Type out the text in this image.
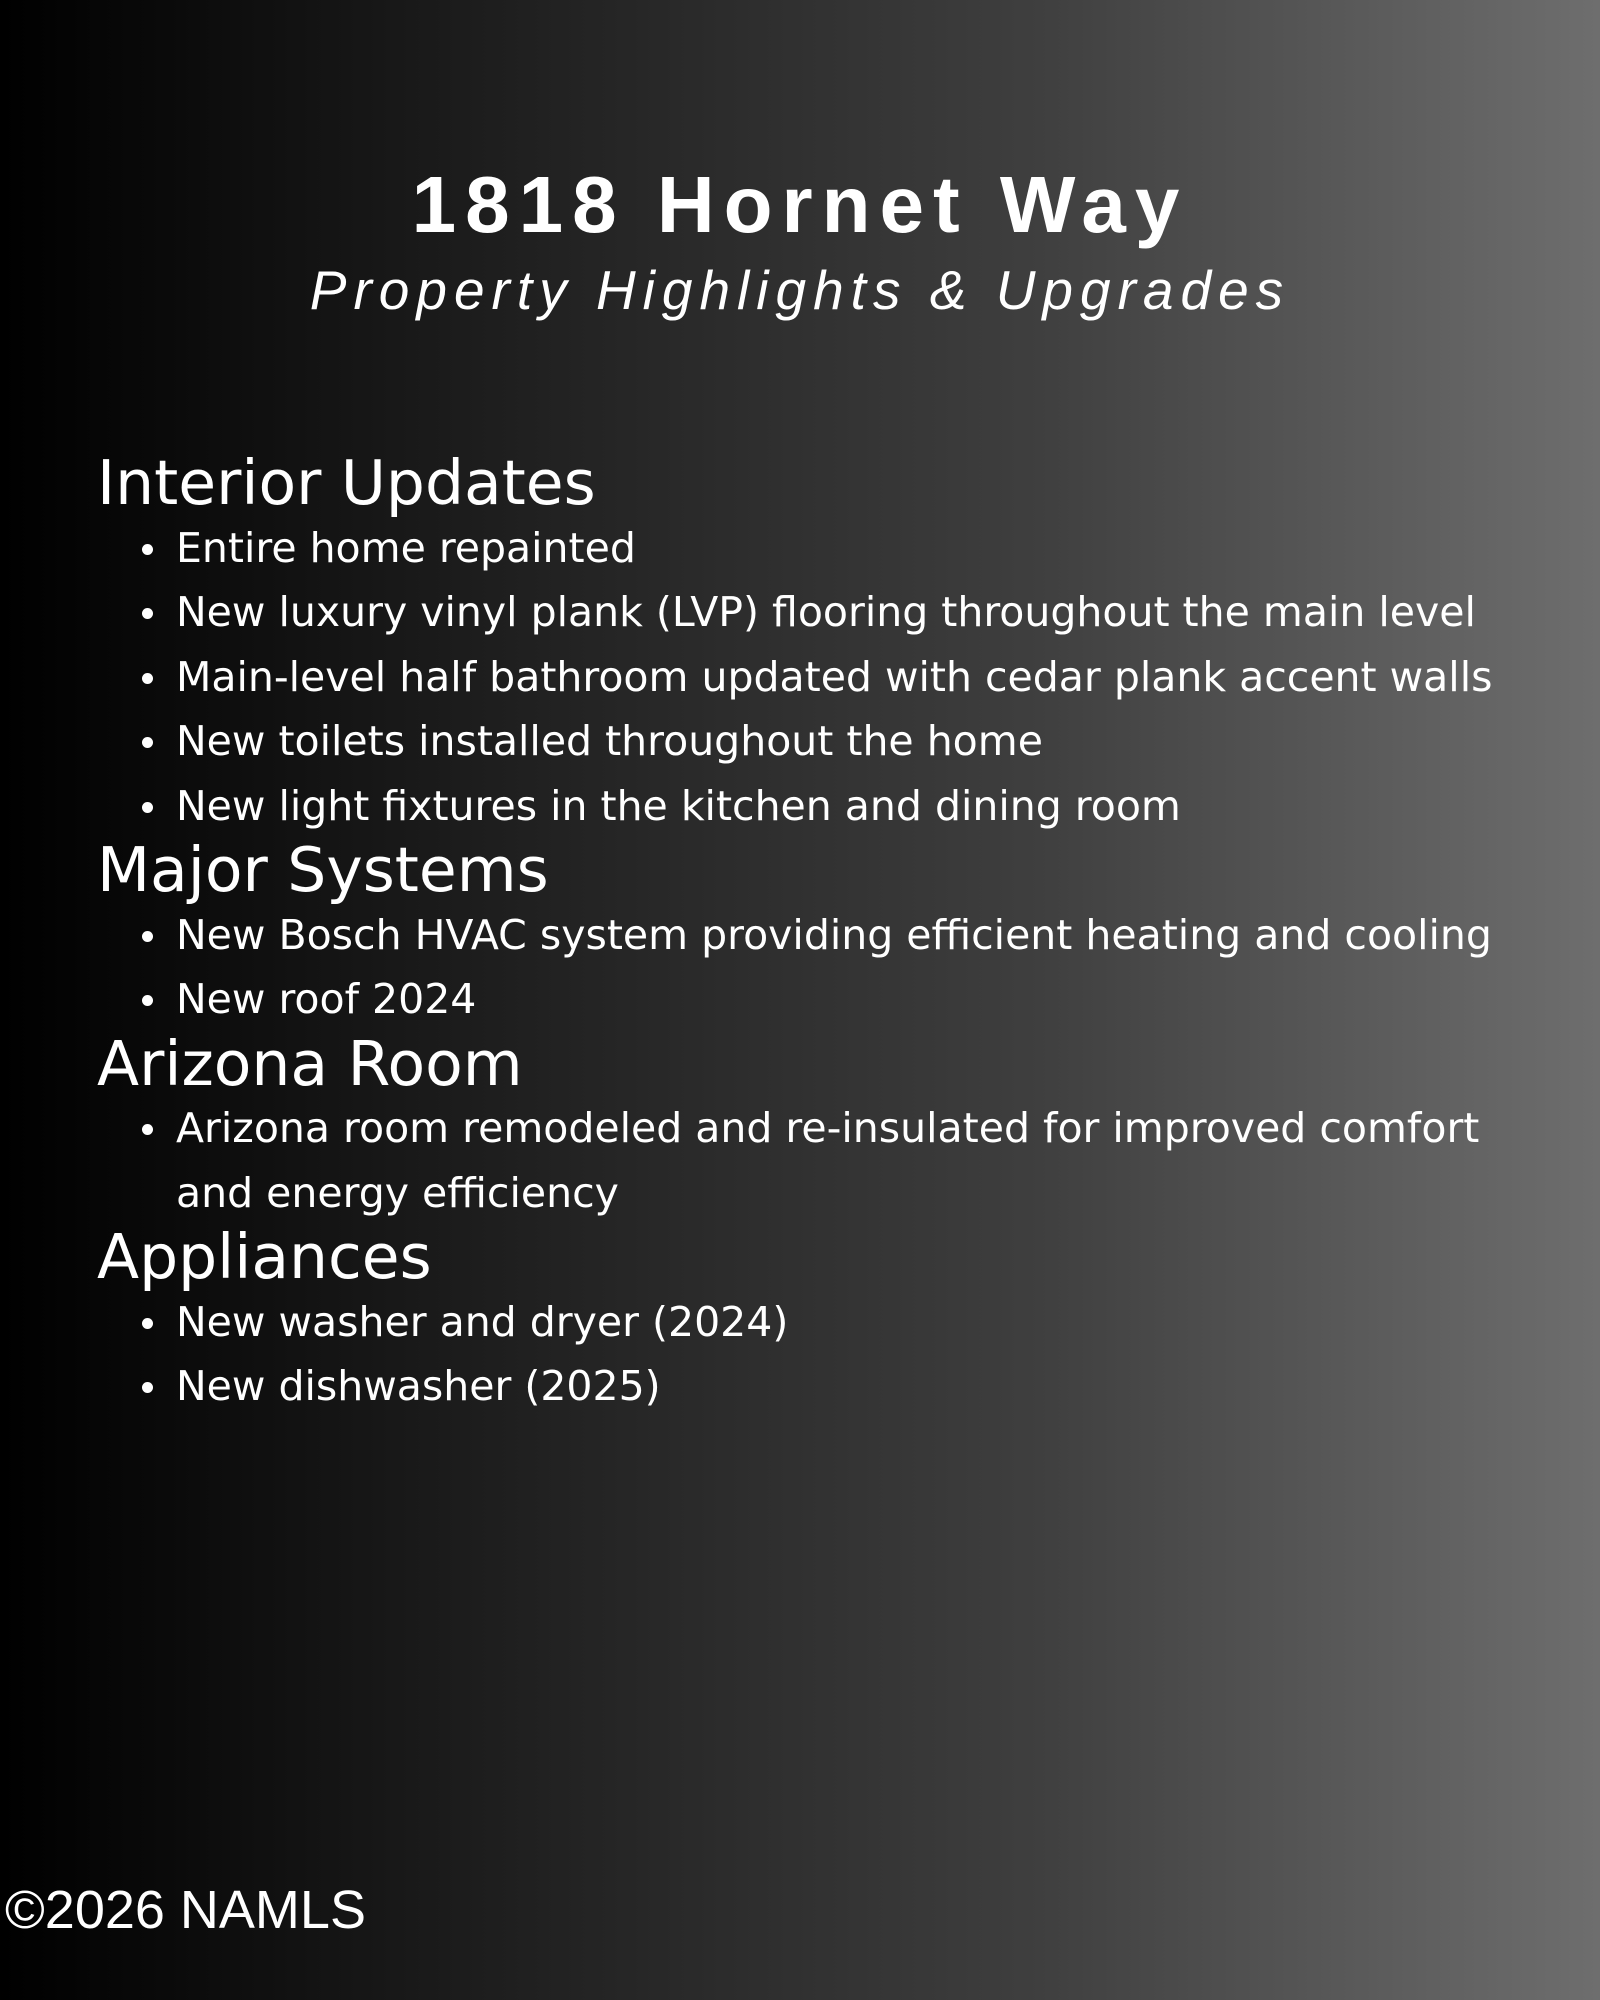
1818 Hornet Way
Property Highlights & Upgrades
Interior Updates
Entire home repainted
New luxury vinyl plank (LVP) flooring throughout the main level
Main-level half bathroom updated with cedar plank accent walls
New toilets installed throughout the home
New light fixtures in the kitchen and dining room
Major Systems
New Bosch HVAC system providing efficient heating and cooling
New roof 2024
Arizona Room
Arizona room remodeled and re-insulated for improved comfort and energy efficiency
Appliances
New washer and dryer (2024)
New dishwasher (2025)
©2026 NAMLS
